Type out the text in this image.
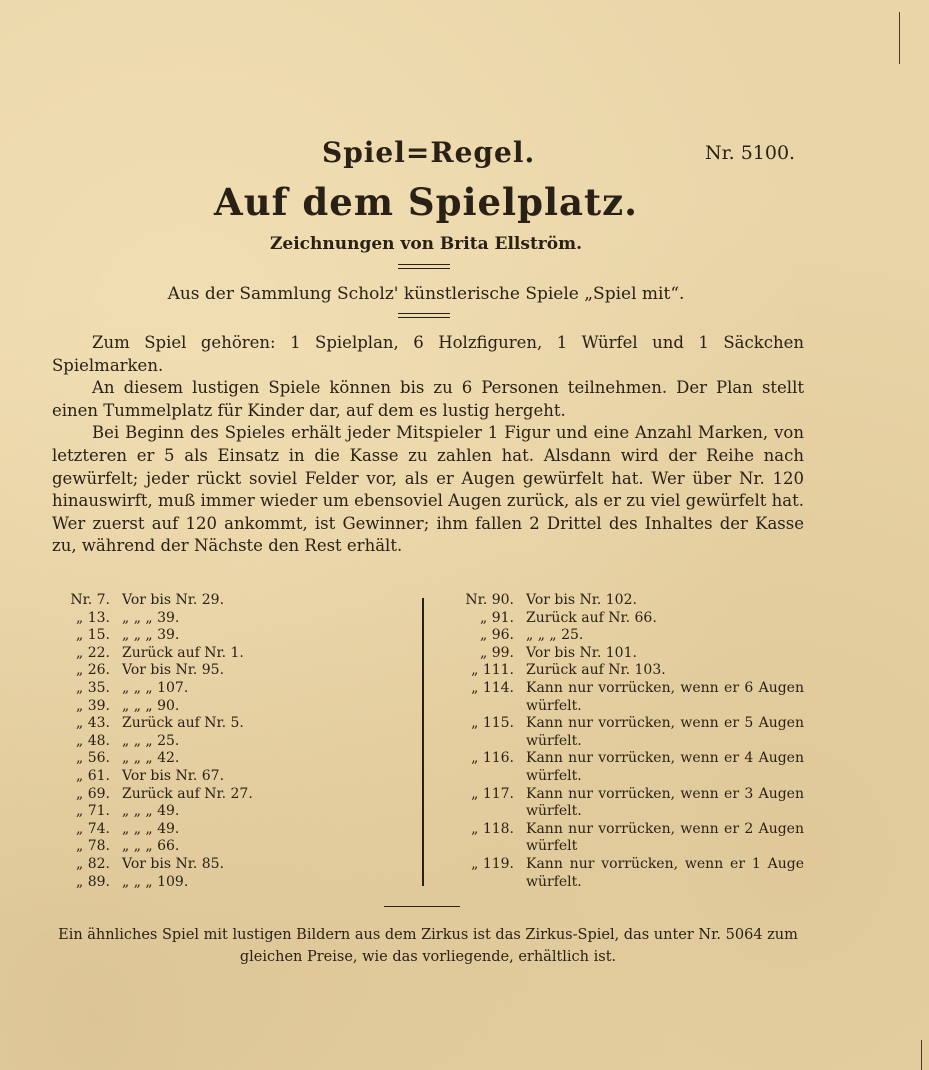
Spiel=Regel.	Nr. 5100.
Auf dem Spielplatz.
Zeichnungen von Brita Ellström.
Aus der Sammlung Scholz' künstlerische Spiele „Spiel mit“.

Zum Spiel gehören: 1 Spielplan, 6 Holzfiguren, 1 Würfel und 1 Säckchen Spielmarken.

An diesem lustigen Spiele können bis zu 6 Personen teilnehmen. Der Plan stellt einen Tummelplatz für Kinder dar, auf dem es lustig hergeht.

Bei Beginn des Spieles erhält jeder Mitspieler 1 Figur und eine Anzahl Marken, von letzteren er 5 als Einsatz in die Kasse zu zahlen hat. Alsdann wird der Reihe nach gewürfelt; jeder rückt soviel Felder vor, als er Augen gewürfelt hat. Wer über Nr. 120 hinauswirft, muß immer wieder um ebensoviel Augen zurück, als er zu viel gewürfelt hat. Wer zuerst auf 120 ankommt, ist Gewinner; ihm fallen 2 Drittel des Inhaltes der Kasse zu, während der Nächste den Rest erhält.

Nr. 7. Vor bis Nr. 29.
„ 13. „ „ „ 39.
„ 15. „ „ „ 39.
„ 22. Zurück auf Nr. 1.
„ 26. Vor bis Nr. 95.
„ 35. „ „ „ 107.
„ 39. „ „ „ 90.
„ 43. Zurück auf Nr. 5.
„ 48. „ „ „ 25.
„ 56. „ „ „ 42.
„ 61. Vor bis Nr. 67.
„ 69. Zurück auf Nr. 27.
„ 71. „ „ „ 49.
„ 74. „ „ „ 49.
„ 78. „ „ „ 66.
„ 82. Vor bis Nr. 85.
„ 89. „ „ „ 109.
Nr. 90. Vor bis Nr. 102.
„ 91. Zurück auf Nr. 66.
„ 96. „ „ „ 25.
„ 99. Vor bis Nr. 101.
„ 111. Zurück auf Nr. 103.
„ 114. Kann nur vorrücken, wenn er 6 Augen würfelt.
„ 115. Kann nur vorrücken, wenn er 5 Augen würfelt.
„ 116. Kann nur vorrücken, wenn er 4 Augen würfelt.
„ 117. Kann nur vorrücken, wenn er 3 Augen würfelt.
„ 118. Kann nur vorrücken, wenn er 2 Augen würfelt
„ 119. Kann nur vorrücken, wenn er 1 Auge würfelt.
Ein ähnliches Spiel mit lustigen Bildern aus dem Zirkus ist das Zirkus-Spiel, das unter Nr. 5064 zum gleichen Preise, wie das vorliegende, erhältlich ist.
